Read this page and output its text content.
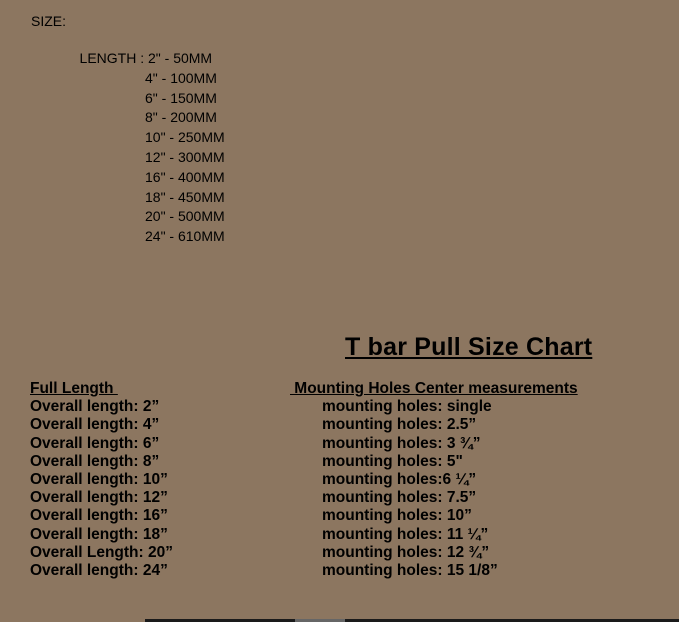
SIZE:
LENGTH : 2" - 50MM
4" - 100MM
6" - 150MM
8" - 200MM
10" - 250MM
12" - 300MM
16" - 400MM
18" - 450MM
20" - 500MM
24" - 610MM
T bar Pull Size Chart
Full Length	Mounting Holes Center measurements
Overall length: 2”	mounting holes: single
Overall length: 4”	mounting holes: 2.5”
Overall length: 6”	mounting holes: 3 ¾”
Overall length: 8”	mounting holes: 5"
Overall length: 10”	mounting holes:6 ¼”
Overall length: 12”	mounting holes: 7.5”
Overall length: 16”	mounting holes: 10”
Overall length: 18”	mounting holes: 11 ¼”
Overall Length: 20”	mounting holes: 12 ¾”
Overall length: 24”	mounting holes: 15 1/8”
